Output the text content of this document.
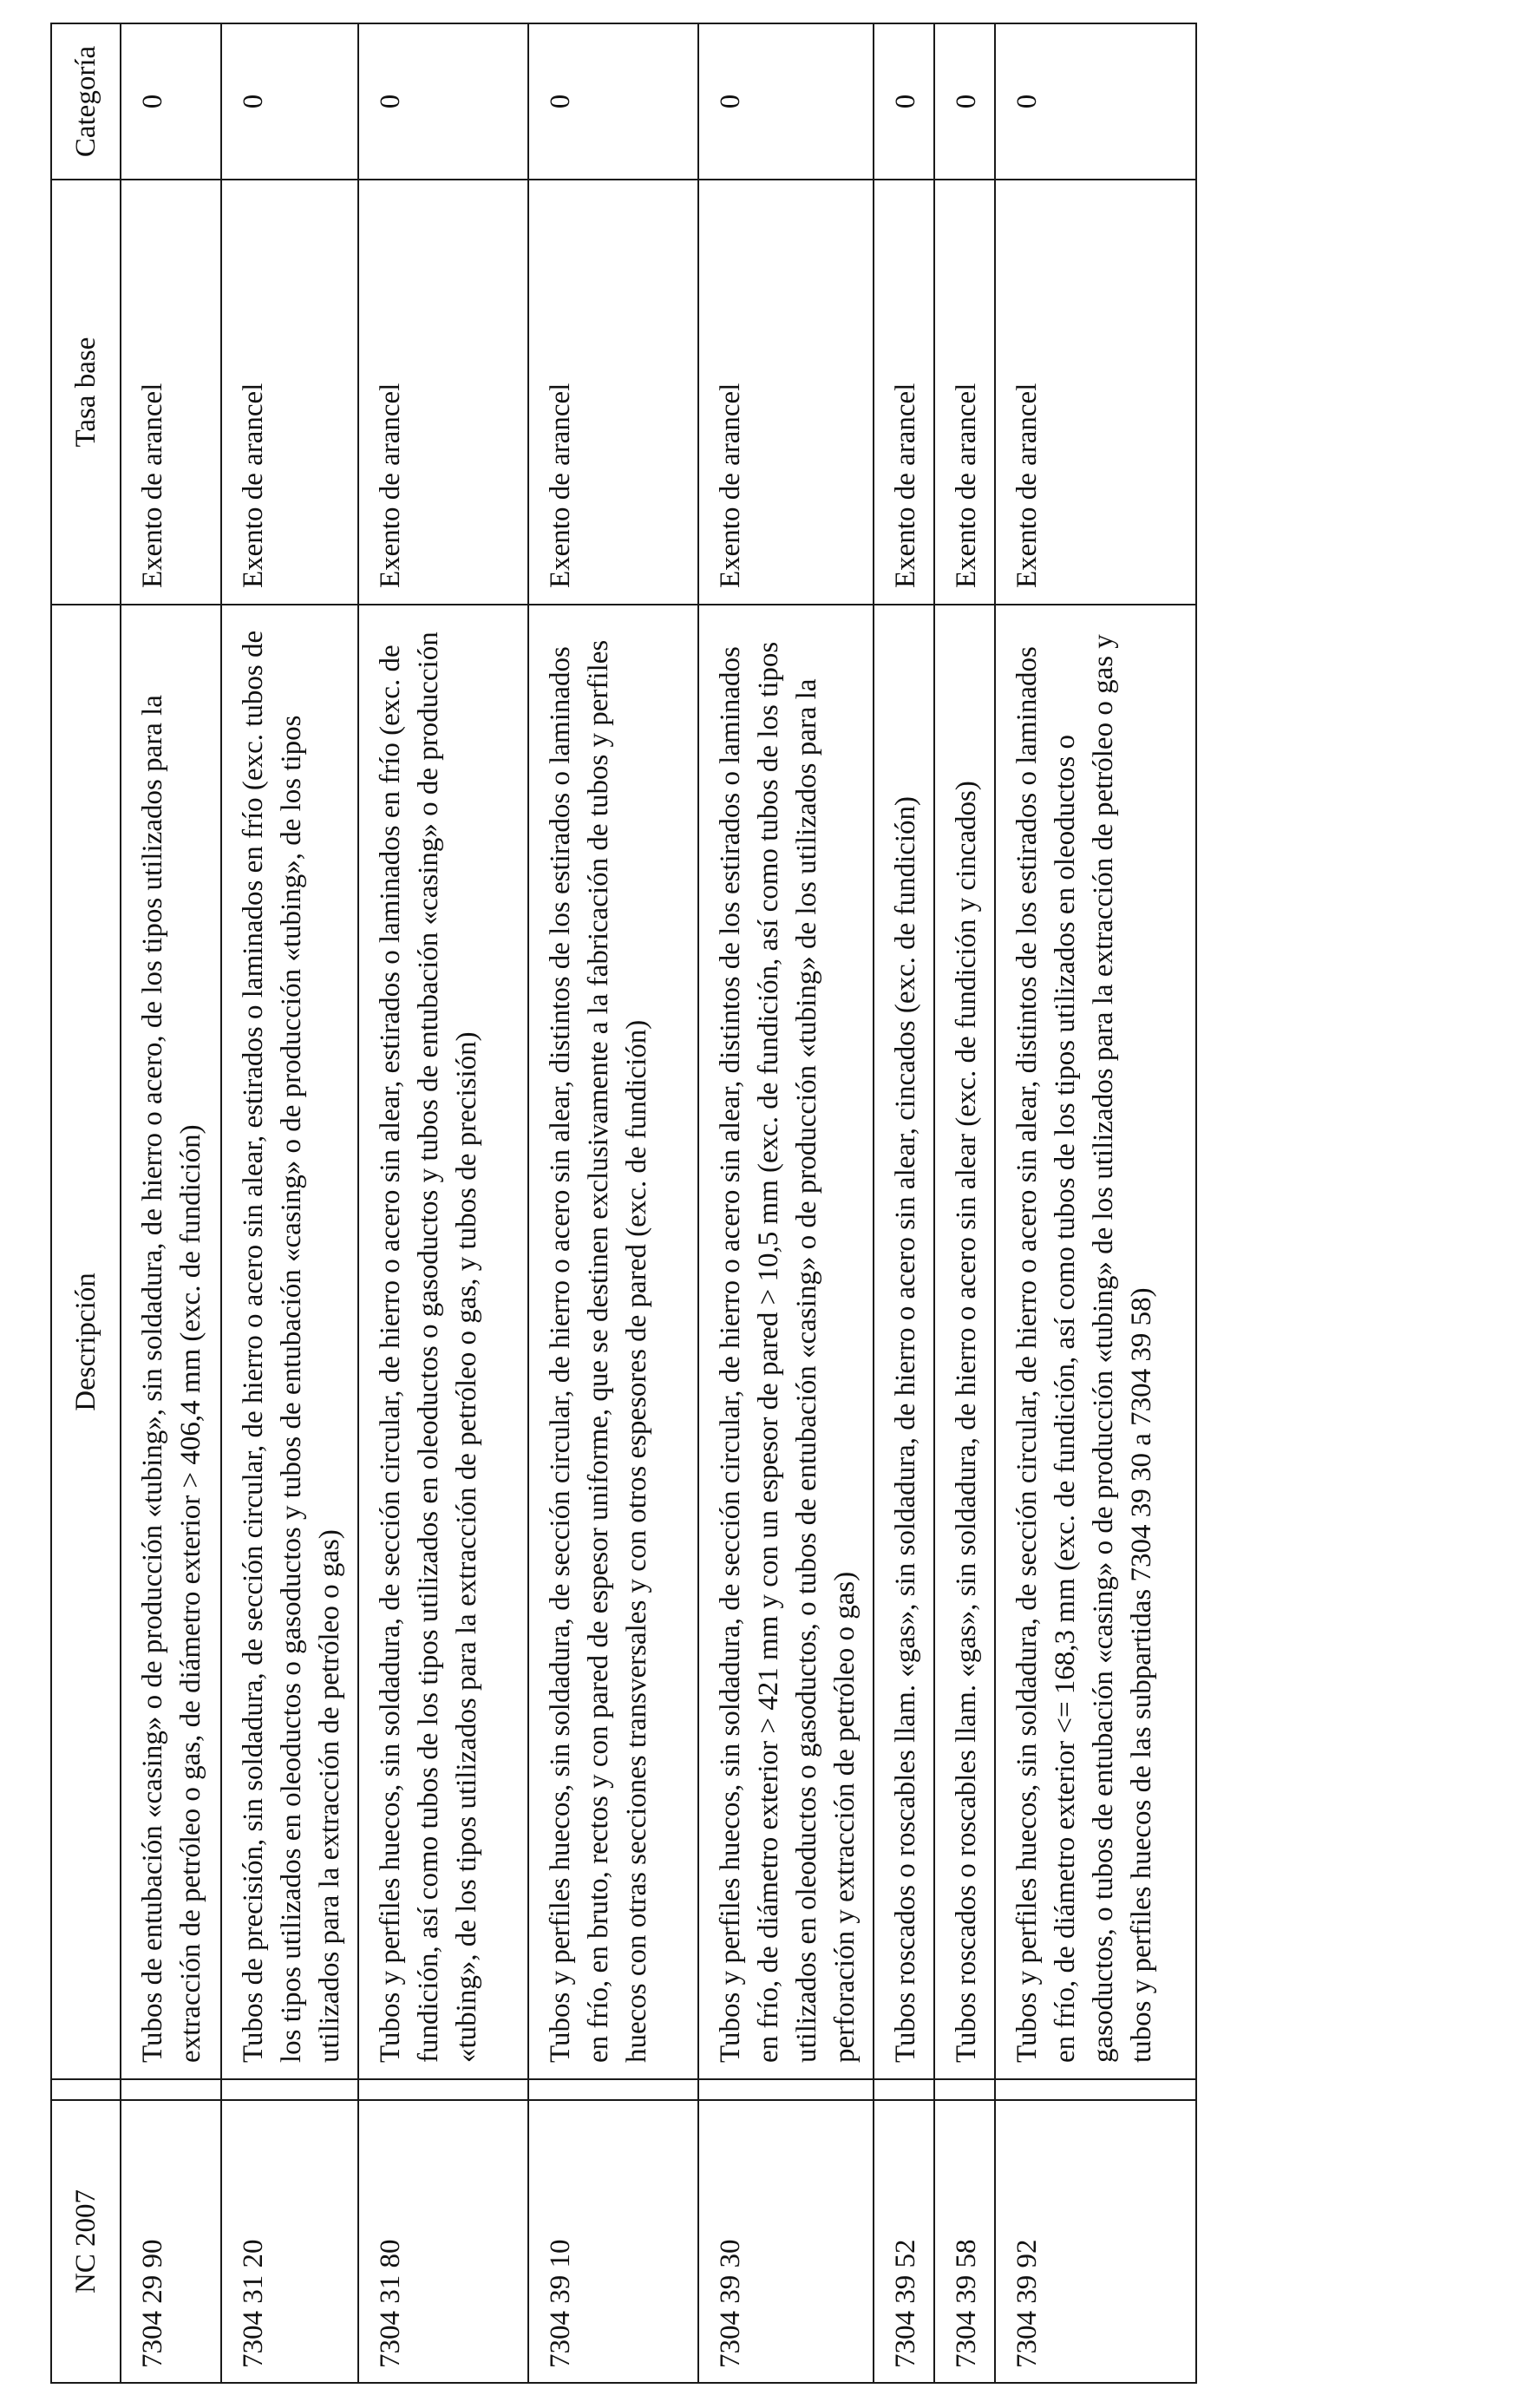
NC 2007		Descripción	Tasa base	Categoría
7304 29 90		Tubos de entubación «casing» o de producción «tubing», sin soldadura, de hierro o acero, de los tipos utilizados para la extracción de petróleo o gas, de diámetro exterior > 406,4 mm (exc. de fundición)	Exento de arancel	0
7304 31 20		Tubos de precisión, sin soldadura, de sección circular, de hierro o acero sin alear, estirados o laminados en frío (exc. tubos de los tipos utilizados en oleoductos o gasoductos y tubos de entubación «casing» o de producción «tubing», de los tipos utilizados para la extracción de petróleo o gas)	Exento de arancel	0
7304 31 80		Tubos y perfiles huecos, sin soldadura, de sección circular, de hierro o acero sin alear, estirados o laminados en frío (exc. de fundición, así como tubos de los tipos utilizados en oleoductos o gasoductos y tubos de entubación «casing» o de producción «tubing», de los tipos utilizados para la extracción de petróleo o gas, y tubos de precisión)	Exento de arancel	0
7304 39 10		Tubos y perfiles huecos, sin soldadura, de sección circular, de hierro o acero sin alear, distintos de los estirados o laminados en frío, en bruto, rectos y con pared de espesor uniforme, que se destinen exclusivamente a la fabricación de tubos y perfiles huecos con otras secciones transversales y con otros espesores de pared (exc. de fundición)	Exento de arancel	0
7304 39 30		Tubos y perfiles huecos, sin soldadura, de sección circular, de hierro o acero sin alear, distintos de los estirados o laminados en frío, de diámetro exterior > 421 mm y con un espesor de pared > 10,5 mm (exc. de fundición, así como tubos de los tipos utilizados en oleoductos o gasoductos, o tubos de entubación «casing» o de producción «tubing» de los utilizados para la perforación y extracción de petróleo o gas)	Exento de arancel	0
7304 39 52		Tubos roscados o roscables llam. «gas», sin soldadura, de hierro o acero sin alear, cincados (exc. de fundición)	Exento de arancel	0
7304 39 58		Tubos roscados o roscables llam. «gas», sin soldadura, de hierro o acero sin alear (exc. de fundición y cincados)	Exento de arancel	0
7304 39 92		Tubos y perfiles huecos, sin soldadura, de sección circular, de hierro o acero sin alear, distintos de los estirados o laminados en frío, de diámetro exterior <= 168,3 mm (exc. de fundición, así como tubos de los tipos utilizados en oleoductos o gasoductos, o tubos de entubación «casing» o de producción «tubing» de los utilizados para la extracción de petróleo o gas y tubos y perfiles huecos de las subpartidas 7304 39 30 a 7304 39 58)	Exento de arancel	0
